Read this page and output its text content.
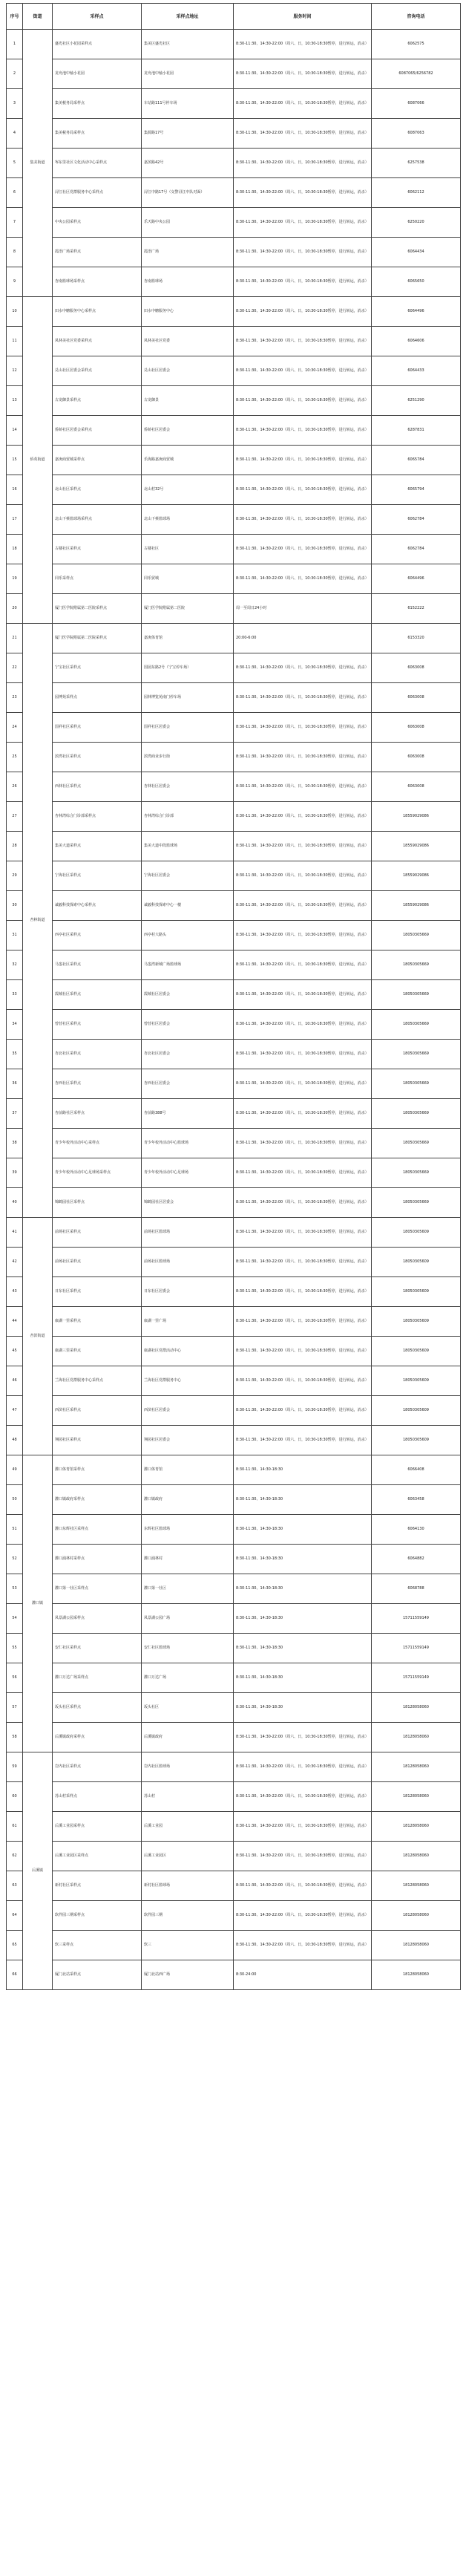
序号	街道	采样点	采样点地址	服务时间	咨询电话
1	集美街道	盛光社区小花园采样点	集美区盛光社区	8:30-11:30、14:30-22:00（周六、日，10:30-18:30暂停，进行转运，消杀）	6062575
2		龙舟池中轴小花园	龙舟池中轴小花园	8:30-11:30、14:30-22:00（周六、日，10:30-18:30暂停，进行转运，消杀）	6087065/6256782
3		集美税务局采样点	车站路111号停车场	8:30-11:30、14:30-22:00（周六、日，10:30-18:30暂停，进行转运，消杀）	6087066
4		集美税务局采样点	集源路17号	8:30-11:30、14:30-22:00（周六、日，10:30-18:30暂停，进行转运，消杀）	6087063
5		岑东里社区文化活动中心采样点	嘉滨路42号	8:30-11:30、14:30-22:00（周六、日，10:30-18:30暂停，进行转运，消杀）	6257538
6		浔江社区党群服务中心采样点	浔江中路17号（交警浔江中队对面）	8:30-11:30、14:30-22:00（周六、日，10:30-18:30暂停，进行转运，消杀）	6062112
7		中央公园采样点	乐天路中央公园	8:30-11:30、14:30-22:00（周六、日，10:30-18:30暂停，进行转运，消杀）	6250220
8		霞浯广场采样点	霞浯广场	8:30-11:30、14:30-22:00（周六、日，10:30-18:30暂停，进行转运，消杀）	6064434
9		杏南篮球场采样点	杏南篮球场	8:30-11:30、14:30-22:00（周六、日，10:30-18:30暂停，进行转运，消杀）	6065650
10	侨英街道	田水中糖服务中心采样点	田水中糖服务中心	8:30-11:30、14:30-22:00（周六、日，10:30-18:30暂停，进行转运，消杀）	6064496
11		凤林美社区党委采样点	凤林美社区党委	8:30-11:30、14:30-22:00（周六、日，10:30-18:30暂停，进行转运，消杀）	6064606
12		兑山社区居委会采样点	兑山社区居委会	8:30-11:30、14:30-22:00（周六、日，10:30-18:30暂停，进行转运，消杀）	6064433
13		古龙御景采样点	古龙御景	8:30-11:30、14:30-22:00（周六、日，10:30-18:30暂停，进行转运，消杀）	6251290
14		侨龄社区居委会采样点	侨龄社区居委会	8:30-11:30、14:30-22:00（周六、日，10:30-18:30暂停，进行转运，消杀）	6287831
15		嘉庚商贸城采样点	乐海路嘉庚商贸城	8:30-11:30、14:30-22:00（周六、日，10:30-18:30暂停，进行转运，消杀）	6065784
16		北山社区采样点	北山村32号	8:30-11:30、14:30-22:00（周六、日，10:30-18:30暂停，进行转运，消杀）	6065794
17		北山下蔡篮球场采样点	北山下蔡篮球场	8:30-11:30、14:30-22:00（周六、日，10:30-18:30暂停，进行转运，消杀）	6062784
18		古楼社区采样点	古楼社区	8:30-11:30、14:30-22:00（周六、日，10:30-18:30暂停，进行转运，消杀）	6062784
19		同乐采样点	同乐贸城	8:30-11:30、14:30-22:00（周六、日，10:30-18:30暂停，进行转运，消杀）	6064496
20		厦门医学院附属第二医院采样点	厦门医学院附属第二医院	周一至周日24小时	6152222
21	杏林街道	厦门医学院附属第二医院采样点	嘉庚体育馆	20:00-6:00	6153320
22		宁宝社区采样点	国园东路2号（宁宝停车场）	8:30-11:30、14:30-22:00（周六、日，10:30-18:30暂停，进行转运，消杀）	6063008
23		园博苑采样点	园林博览苑南门停车场	8:30-11:30、14:30-22:00（周六、日，10:30-18:30暂停，进行转运，消杀）	6063008
24		国祥社区采样点	国祥社区居委会	8:30-11:30、14:30-22:00（周六、日，10:30-18:30暂停，进行转运，消杀）	6063008
25		滨湾社区采样点	滨湾商业步行街	8:30-11:30、14:30-22:00（周六、日，10:30-18:30暂停，进行转运，消杀）	6063008
26		西林社区采样点	杏林社区居委会	8:30-11:30、14:30-22:00（周六、日，10:30-18:30暂停，进行转运，消杀）	6063008
27		杏林湾综合门诊部采样点	杏林湾综合门诊部	8:30-11:30、14:30-22:00（周六、日，10:30-18:30暂停，进行转运，消杀）	18559029086
28		集美大道采样点	集美大道中段篮球场	8:30-11:30、14:30-22:00（周六、日，10:30-18:30暂停，进行转运，消杀）	18559029086
29		宁海社区采样点	宁海社区居委会	8:30-11:30、14:30-22:00（周六、日，10:30-18:30暂停，进行转运，消杀）	18559029086
30		诚毅科技探索中心采样点	诚毅科技探索中心一楼	8:30-11:30、14:30-22:00（周六、日，10:30-18:30暂停，进行转运，消杀）	18559029086
31		西亭社区采样点	西亭村大路头	8:30-11:30、14:30-22:00（周六、日，10:30-18:30暂停，进行转运，消杀）	18050305669
32		马銮社区采样点	马銮湾新城广场篮球场	8:30-11:30、14:30-22:00（周六、日，10:30-18:30暂停，进行转运，消杀）	18050305669
33		霞城社区采样点	霞城社区居委会	8:30-11:30、14:30-22:00（周六、日，10:30-18:30暂停，进行转运，消杀）	18050305669
34		曾营社区采样点	曾营社区居委会	8:30-11:30、14:30-22:00（周六、日，10:30-18:30暂停，进行转运，消杀）	18050305669
35		杏北社区采样点	杏北社区居委会	8:30-11:30、14:30-22:00（周六、日，10:30-18:30暂停，进行转运，消杀）	18050305669
36		杏西社区采样点	杏西社区居委会	8:30-11:30、14:30-22:00（周六、日，10:30-18:30暂停，进行转运，消杀）	18050305669
37		杏前路社区采样点	杏前路388号	8:30-11:30、14:30-22:00（周六、日，10:30-18:30暂停，进行转运，消杀）	18050305669
38		青少年校外活动中心采样点	青少年校外活动中心篮球场	8:30-11:30、14:30-22:00（周六、日，10:30-18:30暂停，进行转运，消杀）	18050305669
39		青少年校外活动中心足球场采样点	青少年校外活动中心足球场	8:30-11:30、14:30-22:00（周六、日，10:30-18:30暂停，进行转运，消杀）	18050305669
40		锦鹤园社区采样点	锦鹤园社区居委会	8:30-11:30、14:30-22:00（周六、日，10:30-18:30暂停，进行转运，消杀）	18050305669
41	杏滨街道	前场社区采样点	前场社区篮球场	8:30-11:30、14:30-22:00（周六、日，10:30-18:30暂停，进行转运，消杀）	18050305609
42		前场社区采样点	前场社区篮球场	8:30-11:30、14:30-22:00（周六、日，10:30-18:30暂停，进行转运，消杀）	18050305609
43		日东社区采样点	日东社区居委会	8:30-11:30、14:30-22:00（周六、日，10:30-18:30暂停，进行转运，消杀）	18050305609
44		康湖一里采样点	康湖一里广场	8:30-11:30、14:30-22:00（周六、日，10:30-18:30暂停，进行转运，消杀）	18050305609
45		康湖三里采样点	康湖社区党群活动中心	8:30-11:30、14:30-22:00（周六、日，10:30-18:30暂停，进行转运，消杀）	18050305609
46		兰海社区党群服务中心采样点	兰海社区党群服务中心	8:30-11:30、14:30-22:00（周六、日，10:30-18:30暂停，进行转运，消杀）	18050305609
47		西滨社区采样点	西滨社区居委会	8:30-11:30、14:30-22:00（周六、日，10:30-18:30暂停，进行转运，消杀）	18050305609
48		翔园社区采样点	翔园社区居委会	8:30-11:30、14:30-22:00（周六、日，10:30-18:30暂停，进行转运，消杀）	18050305609
49	灌口镇	灌口体育馆采样点	灌口体育馆	8:30-11:30、14:30-18:30	6066408
50		灌口镇政府采样点	灌口镇政府	8:30-11:30、14:30-18:30	6063458
51		灌口东辉社区采样点	东辉社区篮球场	8:30-11:30、14:30-18:30	6064130
52		灌口浦林村采样点	灌口浦林村	8:30-11:30、14:30-18:30	6064882
53		灌口第一社区采样点	灌口第一社区	8:30-11:30、14:30-18:30	6068788
54		凤景湖公园采样点	凤景湖公园广场	8:30-11:30、14:30-18:30	15711559149
55		安仁社区采样点	安仁社区篮球场	8:30-11:30、14:30-18:30	15711559149
56		灌口万达广场采样点	灌口万达广场	8:30-11:30、14:30-18:30	15711559149
57		坂头社区采样点	坂头社区	8:30-11:30、14:30-18:30	18128058060
58		后溪镇政府采样点	后溪镇政府	8:30-11:30、14:30-22:00（周六、日，10:30-18:30暂停，进行转运，消杀）	18128058060
59	后溪镇	岩内社区采样点	岩内社区篮球场	8:30-11:30、14:30-22:00（周六、日，10:30-18:30暂停，进行转运，消杀）	18128058060
60		苏山村采样点	苏山村	8:30-11:30、14:30-22:00（周六、日，10:30-18:30暂停，进行转运，消杀）	18128058060
61		后溪工业园采样点	后溪工业园	8:30-11:30、14:30-22:00（周六、日，10:30-18:30暂停，进行转运，消杀）	18128058060
62		后溪工业园区采样点	后溪工业园区	8:30-11:30、14:30-22:00（周六、日，10:30-18:30暂停，进行转运，消杀）	18128058060
63		新村社区采样点	新村社区篮球场	8:30-11:30、14:30-22:00（周六、日，10:30-18:30暂停，进行转运，消杀）	18128058060
64		软件园三期采样点	软件园三期	8:30-11:30、14:30-22:00（周六、日，10:30-18:30暂停，进行转运，消杀）	18128058060
65		软三采样点	软三	8:30-11:30、14:30-22:00（周六、日，10:30-18:30暂停，进行转运，消杀）	18128058060
66		厦门北站采样点	厦门北站西广场	8:30-24:00	18128058060
